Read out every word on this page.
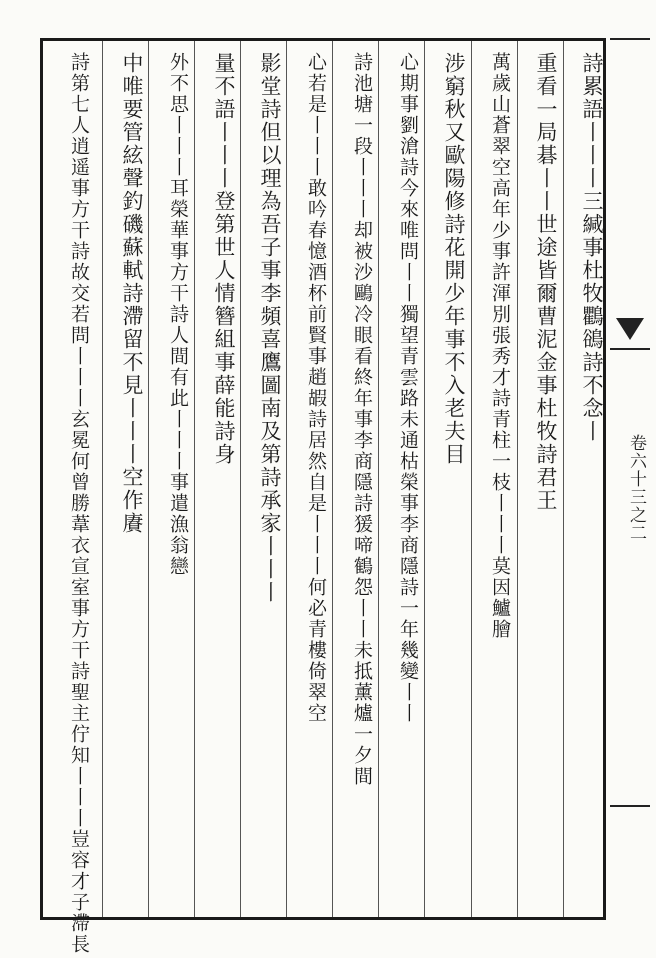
卷六十三之二
詩累語丨丨丨三緘事杜牧鸜鵒詩不念丨
重看一局碁丨丨世途皆爾曹泥金事杜牧詩君王
萬歲山蒼翠空高年少事許渾別張秀才詩青柱一枝丨丨丨莫因鱸膾
涉窮秋又歐陽修詩花開少年事不入老夫目
心期事劉滄詩今來唯問丨丨獨望青雲路未通枯榮事李商隱詩一年幾變丨丨
詩池塘一段丨丨丨却被沙鷗冷眼看終年事李商隱詩猨啼鶴怨丨丨未抵薰爐一夕間
心若是丨丨丨敢吟春憶酒杯前賢事趙嘏詩居然自是丨丨丨何必青樓倚翠空
影堂詩但以理為吾子事李頻喜鷹圖南及第詩承家丨丨丨
量不語丨丨丨登第世人情簪組事薛能詩身
外不思丨丨丨耳榮華事方干詩人間有此丨丨丨事遣漁翁戀
中唯要管絃聲釣磯蘇軾詩滯留不見丨丨丨空作賡
詩第七人逍遥事方干詩故交若問丨丨丨玄冕何曾勝葦衣宣室事方干詩聖主佇知丨丨丨豈容才子滯長
